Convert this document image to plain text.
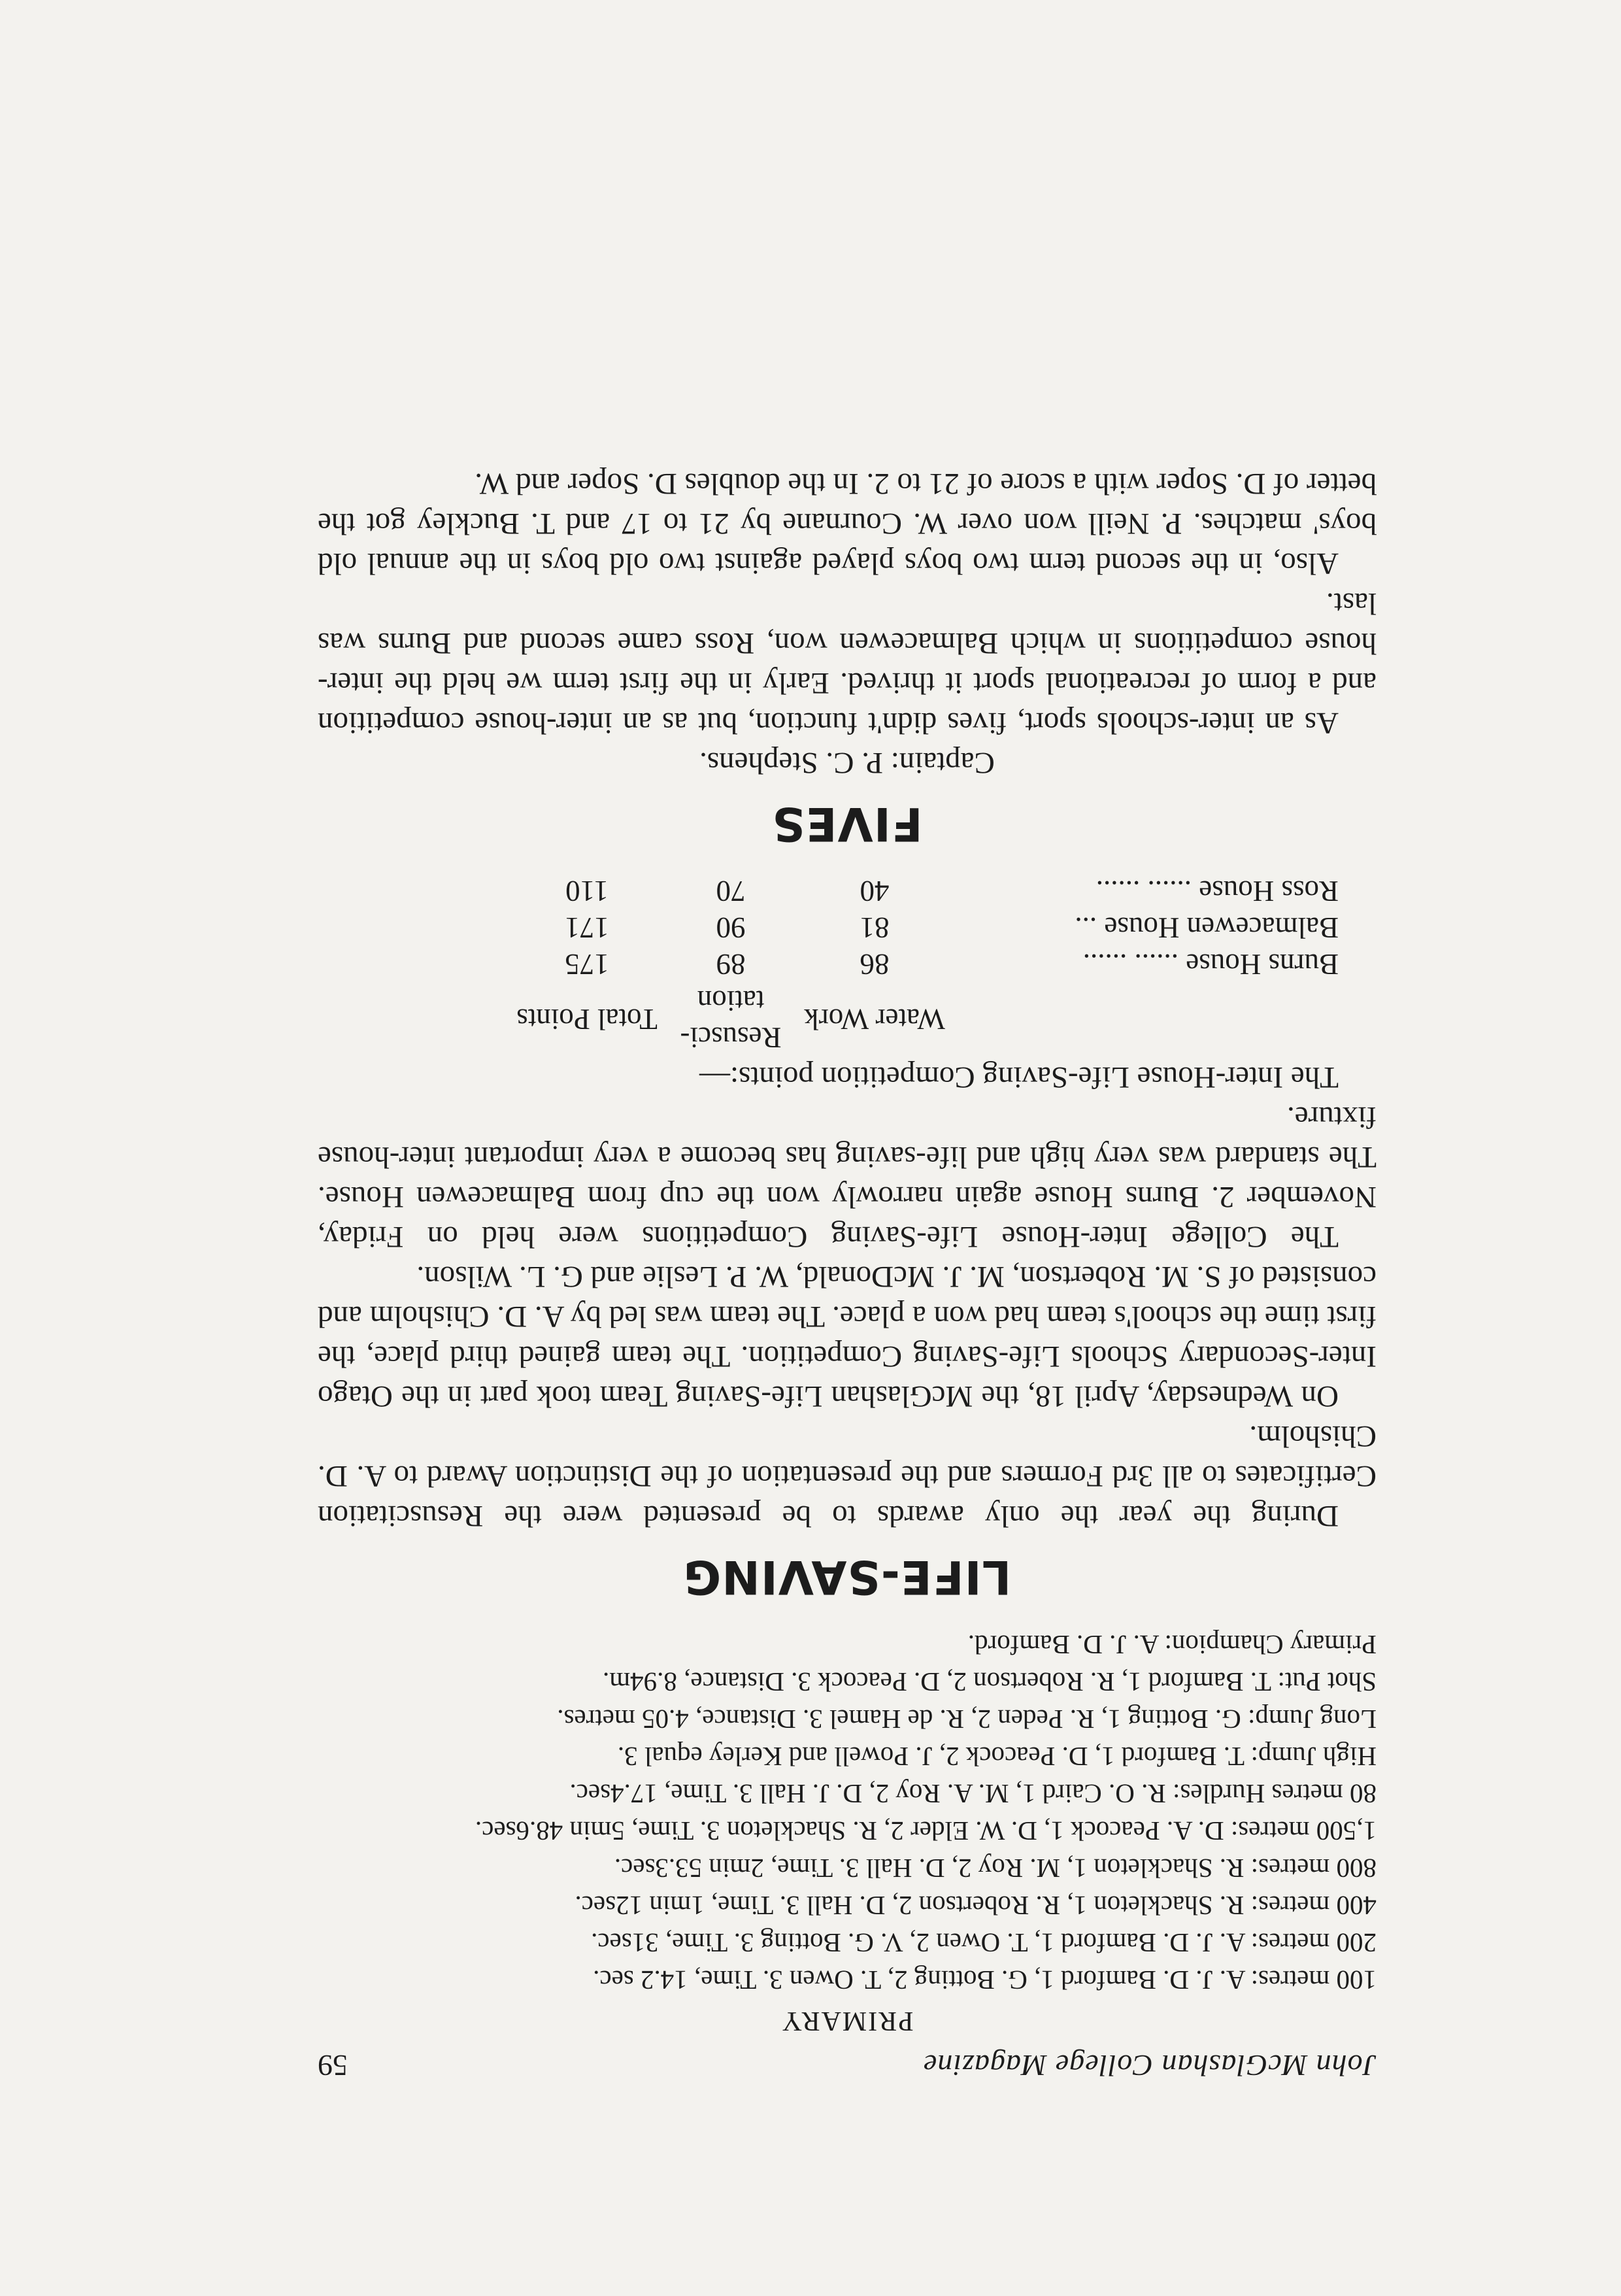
John McGlashan College Magazine
59
PRIMARY

100 metres: A. J. D. Bamford 1, G. Botting 2, T. Owen 3. Time, 14.2 sec.

200 metres: A. J. D. Bamford 1, T. Owen 2, V. G. Botting 3. Time, 31sec.

400 metres: R. Shackleton 1, R. Robertson 2, D. Hall 3. Time, 1min 12sec.

800 metres: R. Shackleton 1, M. Roy 2, D. Hall 3. Time, 2min 53.3sec.

1,500 metres: D. A. Peacock 1, D. W. Elder 2, R. Shackleton 3. Time, 5min 48.6sec.

80 metres Hurdles: R. O. Caird 1, M. A. Roy 2, D. J. Hall 3. Time, 17.4sec.

High Jump: T. Bamford 1, D. Peacock 2, J. Powell and Kerley equal 3.

Long Jump: G. Botting 1, R. Peden 2, R. de Hamel 3. Distance, 4.05 metres.

Shot Put: T. Bamford 1, R. Robertson 2, D. Peacock 3. Distance, 8.94m.

Primary Champion: A. J. D. Bamford.

LIFE-SAVING

During the year the only awards to be presented were the Resuscitation Certificates to all 3rd Formers and the presentation of the Distinction Award to A. D. Chisholm.

On Wednesday, April 18, the McGlashan Life-Saving Team took part in the Otago Inter-Secondary Schools Life-Saving Competition. The team gained third place, the first time the school's team had won a place. The team was led by A. D. Chisholm and consisted of S. M. Robertson, M. J. McDonald, W. P. Leslie and G. L. Wilson.

The College Inter-House Life-Saving Competitions were held on Friday, November 2. Burns House again narrowly won the cup from Balmacewen House. The standard was very high and life-saving has become a very important inter-house fixture.

The Inter-House Life-Saving Competition points:—

	Water Work	Resusci- tation	Total Points
Burns House ...... ......	86	89	175
Balmacewen House ...	81	90	171
Ross House ...... ......	40	70	110
FIVES
Captain: P. C. Stephens.

As an inter-schools sport, fives didn't function, but as an inter-house competition and a form of recreational sport it thrived. Early in the first term we held the inter-house competitions in which Balmacewen won, Ross came second and Burns was last.

Also, in the second term two boys played against two old boys in the annual old boys' matches. P. Neill won over W. Cournane by 21 to 17 and T. Buckley got the better of D. Soper with a score of 21 to 2. In the doubles D. Soper and W.
